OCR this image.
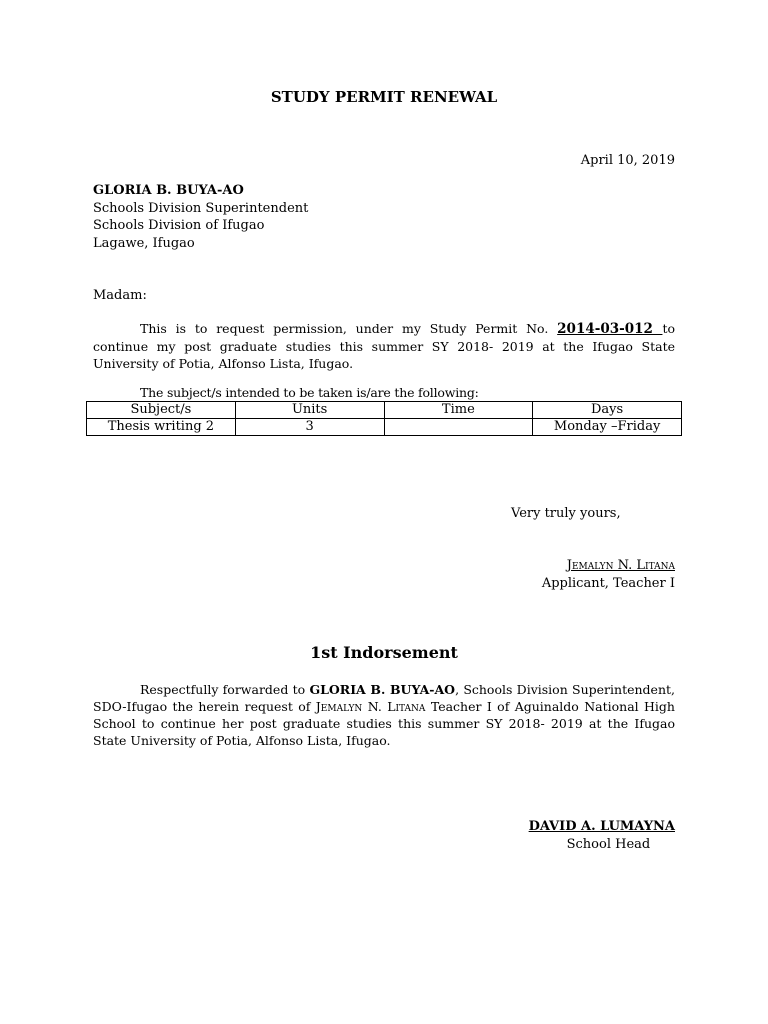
STUDY PERMIT RENEWAL
April 10, 2019
GLORIA B. BUYA-AO
Schools Division Superintendent
Schools Division of Ifugao
Lagawe, Ifugao
Madam:
This is to request permission, under my Study Permit No. 2014-03-012 to continue my post graduate studies this summer SY 2018- 2019 at the Ifugao State University of Potia, Alfonso Lista, Ifugao.
The subject/s intended to be taken is/are the following:
Subject/s	Units	Time	Days
Thesis writing 2	3		Monday –Friday
Very truly yours,
Jemalyn N. Litana
Applicant, Teacher I
1st Indorsement
Respectfully forwarded to GLORIA B. BUYA-AO, Schools Division Superintendent, SDO-Ifugao the herein request of Jemalyn N. Litana Teacher I of Aguinaldo National High School to continue her post graduate studies this summer SY 2018- 2019 at the Ifugao State University of Potia, Alfonso Lista, Ifugao.
DAVID A. LUMAYNA
School Head
